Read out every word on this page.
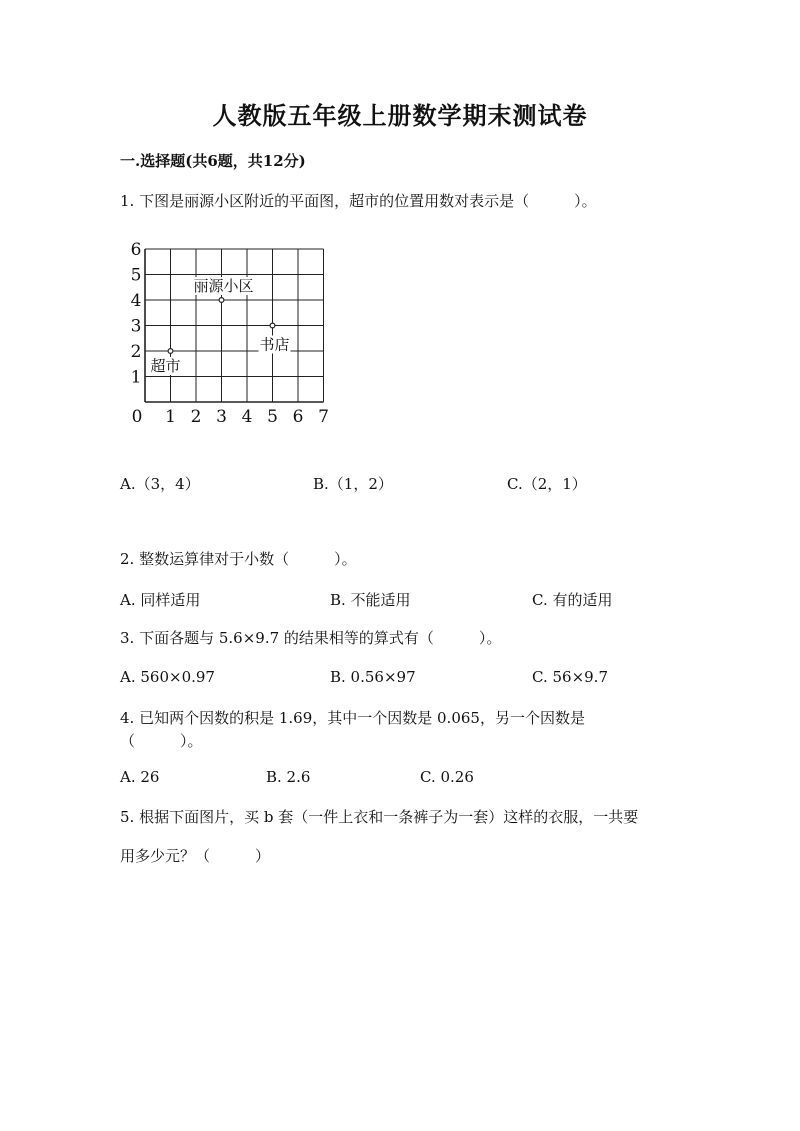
人教版五年级上册数学期末测试卷
一.选择题(共6题，共12分)
1. 下图是丽源小区附近的平面图，超市的位置用数对表示是（　　　）。
0 1 2 3 4 5 6 7
1
2
3
4
5
6
丽源小区
书店
超市
A.（3，4）	B.（1，2）	C.（2，1）
2. 整数运算律对于小数（　　　）。
A. 同样适用	B. 不能适用	C. 有的适用
3. 下面各题与 5.6×9.7 的结果相等的算式有（　　　）。
A. 560×0.97	B. 0.56×97	C. 56×9.7
4. 已知两个因数的积是 1.69，其中一个因数是 0.065，另一个因数是
（　　　）。
A. 26	B. 2.6	C. 0.26
5. 根据下面图片，买 b 套（一件上衣和一条裤子为一套）这样的衣服，一共要
用多少元？（　　　）
